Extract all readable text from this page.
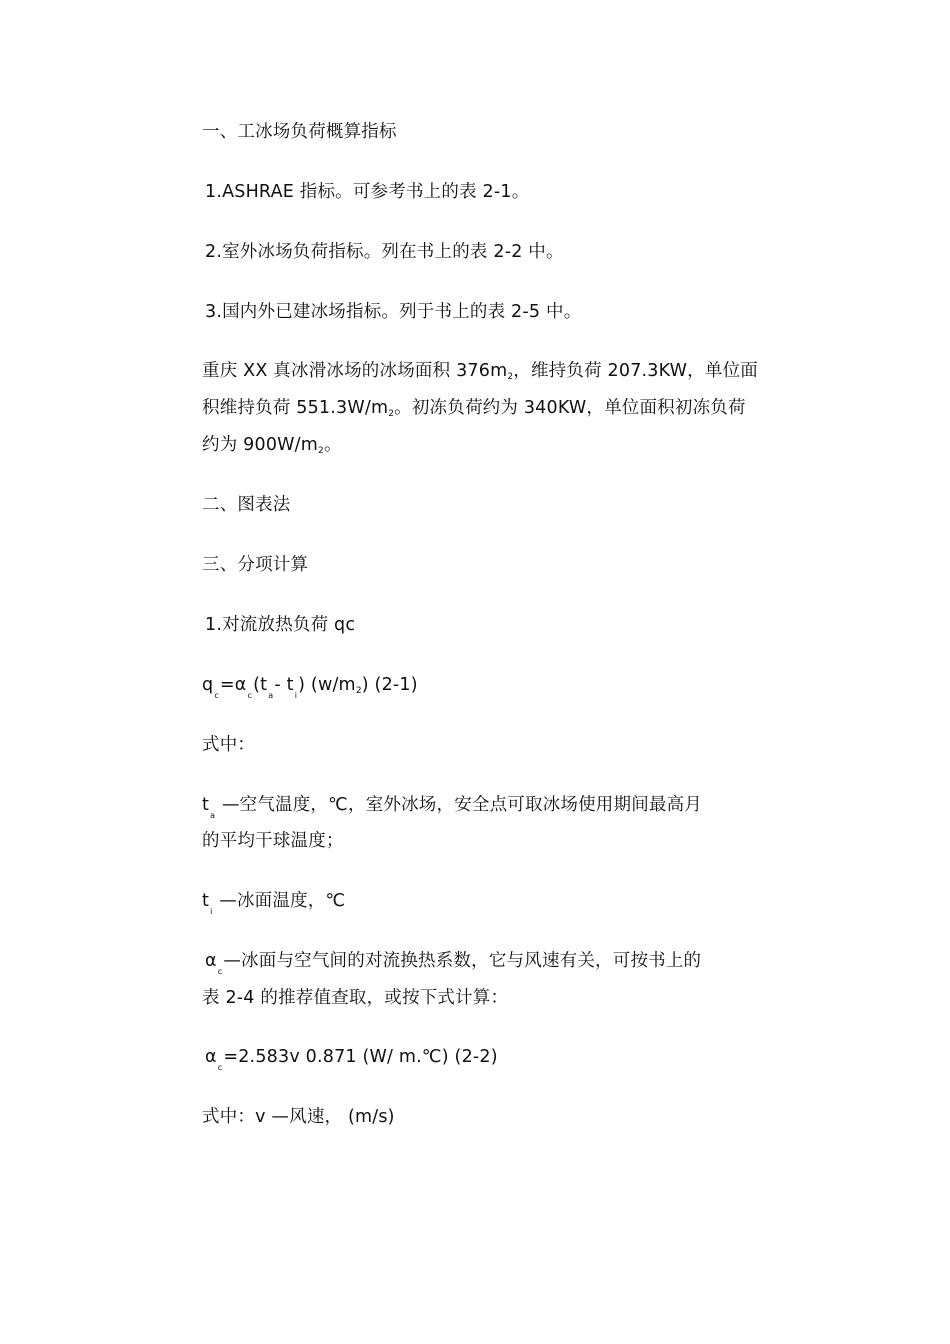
一、工冰场负荷概算指标
1.ASHRAE 指标。可参考书上的表 2-1。
2.室外冰场负荷指标。列在书上的表 2-2 中。
3.国内外已建冰场指标。列于书上的表 2-5 中。
重庆 XX 真冰滑冰场的冰场面积 376m2，维持负荷 207.3KW，单位面
积维持负荷 551.3W/m2。初冻负荷约为 340KW，单位面积初冻负荷
约为 900W/m2。
二、图表法
三、分项计算
1.对流放热负荷 qc
$q_c=\alpha_c(t_a-$ $t_i$) (w/m2) (2-1)
式中：
$t_a$ —空气温度，℃，室外冰场，安全点可取冰场使用期间最高月
的平均干球温度；
$t_i$ —冰面温度，℃
$\alpha_c—$冰面与空气间的对流换热系数，它与风速有关，可按书上的
表 2-4 的推荐值查取，或按下式计算：
$\alpha_c=2.583v$ 0.871 (W/ m.℃) (2-2)
式中：v —风速， (m/s)
